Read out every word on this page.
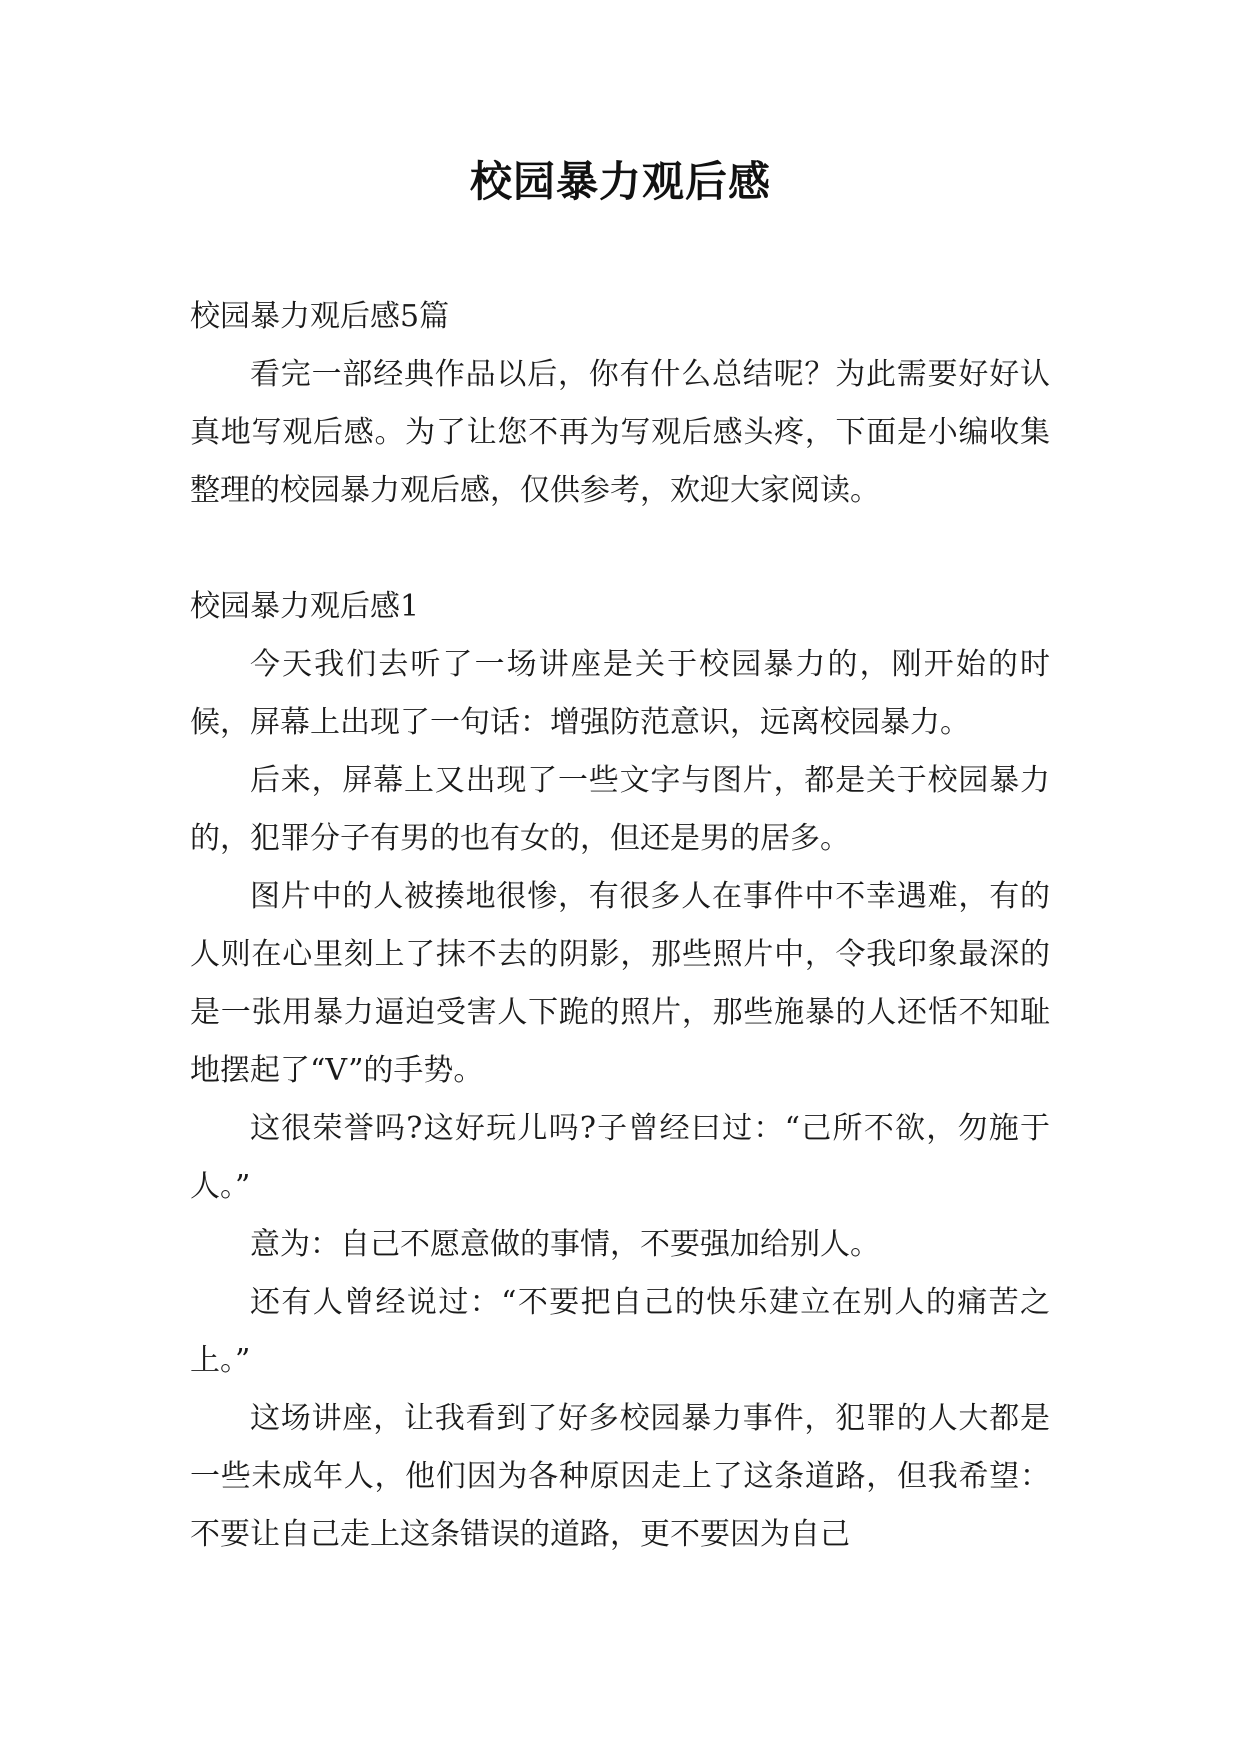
校园暴力观后感

校园暴力观后感5篇

看完一部经典作品以后，你有什么总结呢？为此需要好好认真地写观后感。为了让您不再为写观后感头疼，下面是小编收集整理的校园暴力观后感，仅供参考，欢迎大家阅读。

校园暴力观后感1

今天我们去听了一场讲座是关于校园暴力的，刚开始的时候，屏幕上出现了一句话：增强防范意识，远离校园暴力。

后来，屏幕上又出现了一些文字与图片，都是关于校园暴力的，犯罪分子有男的也有女的，但还是男的居多。

图片中的人被揍地很惨，有很多人在事件中不幸遇难，有的人则在心里刻上了抹不去的阴影，那些照片中，令我印象最深的是一张用暴力逼迫受害人下跪的照片，那些施暴的人还恬不知耻地摆起了“V”的手势。

这很荣誉吗?这好玩儿吗?子曾经曰过：“己所不欲，勿施于人。”

意为：自己不愿意做的事情，不要强加给别人。

还有人曾经说过：“不要把自己的快乐建立在别人的痛苦之上。”

这场讲座，让我看到了好多校园暴力事件，犯罪的人大都是一些未成年人，他们因为各种原因走上了这条道路，但我希望：不要让自己走上这条错误的道路，更不要因为自己
